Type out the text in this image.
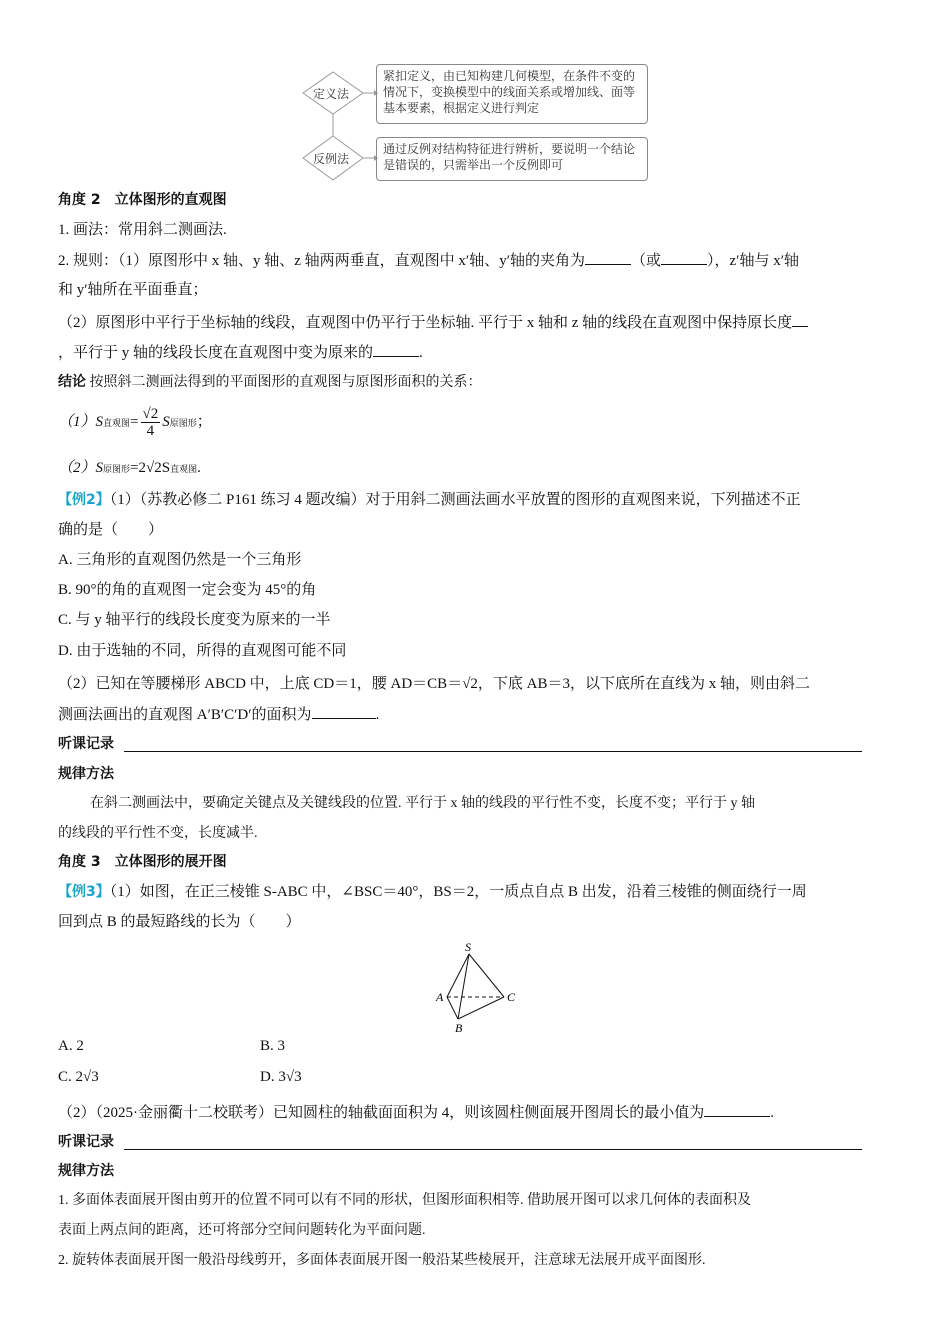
定义法
反例法
紧扣定义，由已知构建几何模型，在条件不变的情况下，变换模型中的线面关系或增加线、面等基本要素，根据定义进行判定
通过反例对结构特征进行辨析，要说明一个结论是错误的，只需举出一个反例即可
角度 2　立体图形的直观图
1. 画法：常用斜二测画法.
2. 规则：（1）原图形中 x 轴、y 轴、z 轴两两垂直，直观图中 x′轴、y′轴的夹角为	（或	），z′轴与 x′轴
和 y′轴所在平面垂直；
（2）原图形中平行于坐标轴的线段，直观图中仍平行于坐标轴. 平行于 x 轴和 z 轴的线段在直观图中保持原长度
，平行于 y 轴的线段长度在直观图中变为原来的	.
结论 按照斜二测画法得到的平面图形的直观图与原图形面积的关系：
（1）S直观图= $\frac{√2}{4}$ S原图形；
（2）S原图形=2√2S直观图.
【例2】（1）（苏教必修二 P161 练习 4 题改编）对于用斜二测画法画水平放置的图形的直观图来说，下列描述不正
确的是（　　）
A. 三角形的直观图仍然是一个三角形
B. 90°的角的直观图一定会变为 45°的角
C. 与 y 轴平行的线段长度变为原来的一半
D. 由于选轴的不同，所得的直观图可能不同
（2）已知在等腰梯形 ABCD 中，上底 CD＝1，腰 AD＝CB＝√2，下底 AB＝3，以下底所在直线为 x 轴，则由斜二
测画法画出的直观图 A′B′C′D′的面积为	.
听课记录
规律方法
在斜二测画法中，要确定关键点及关键线段的位置. 平行于 x 轴的线段的平行性不变，长度不变；平行于 y 轴
的线段的平行性不变，长度减半.
角度 3　立体图形的展开图
【例3】（1）如图，在正三棱锥 S-ABC 中，∠BSC＝40°，BS＝2，一质点自点 B 出发，沿着三棱锥的侧面绕行一周
回到点 B 的最短路线的长为（　　）
A. 2	B. 3
C. 2√3	D. 3√3
（2）（2025·金丽衢十二校联考）已知圆柱的轴截面面积为 4，则该圆柱侧面展开图周长的最小值为	.
听课记录
规律方法
1. 多面体表面展开图由剪开的位置不同可以有不同的形状，但图形面积相等. 借助展开图可以求几何体的表面积及
表面上两点间的距离，还可将部分空间问题转化为平面问题.
2. 旋转体表面展开图一般沿母线剪开，多面体表面展开图一般沿某些棱展开，注意球无法展开成平面图形.
S
A	C
B
